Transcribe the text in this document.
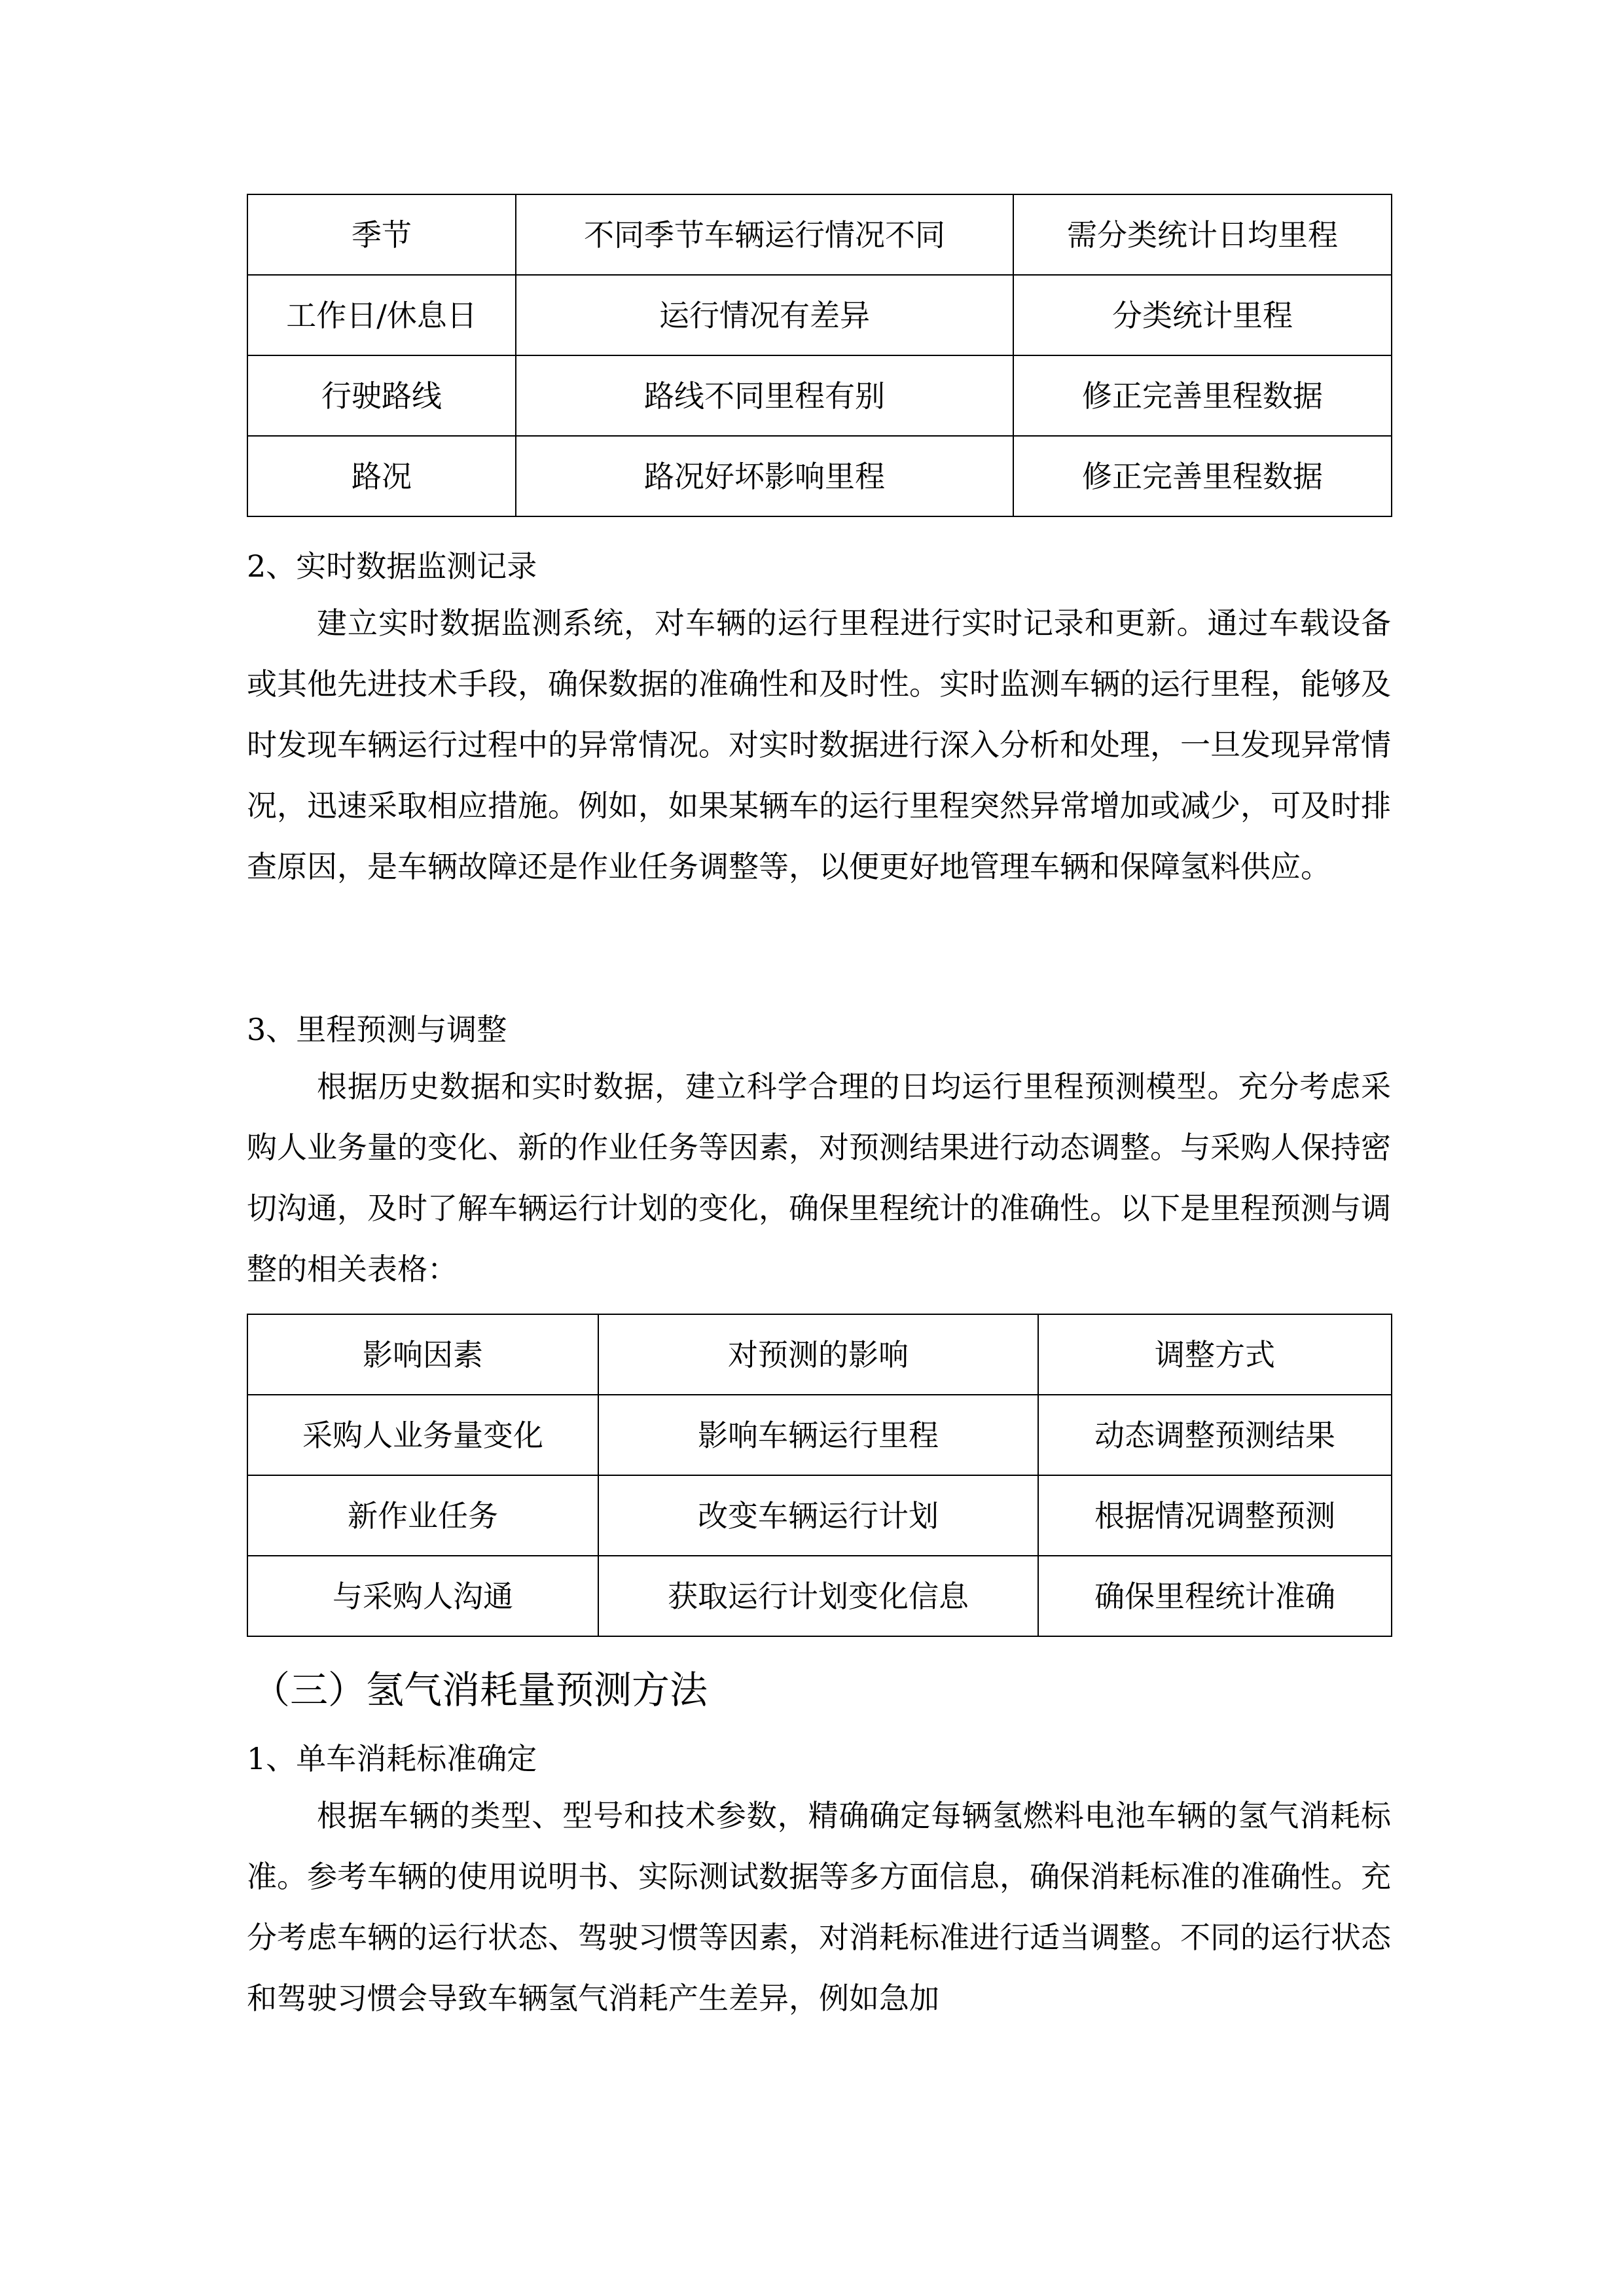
季节	不同季节车辆运行情况不同	需分类统计日均里程
工作日/休息日	运行情况有差异	分类统计里程
行驶路线	路线不同里程有别	修正完善里程数据
路况	路况好坏影响里程	修正完善里程数据
2、实时数据监测记录
建立实时数据监测系统，对车辆的运行里程进行实时记录和更新。通过车载设备或其他先进技术手段，确保数据的准确性和及时性。实时监测车辆的运行里程，能够及时发现车辆运行过程中的异常情况。对实时数据进行深入分析和处理，一旦发现异常情况，迅速采取相应措施。例如，如果某辆车的运行里程突然异常增加或减少，可及时排查原因，是车辆故障还是作业任务调整等，以便更好地管理车辆和保障氢料供应。
3、里程预测与调整
根据历史数据和实时数据，建立科学合理的日均运行里程预测模型。充分考虑采购人业务量的变化、新的作业任务等因素，对预测结果进行动态调整。与采购人保持密切沟通，及时了解车辆运行计划的变化，确保里程统计的准确性。以下是里程预测与调整的相关表格：
影响因素	对预测的影响	调整方式
采购人业务量变化	影响车辆运行里程	动态调整预测结果
新作业任务	改变车辆运行计划	根据情况调整预测
与采购人沟通	获取运行计划变化信息	确保里程统计准确
（三）氢气消耗量预测方法
1、单车消耗标准确定
根据车辆的类型、型号和技术参数，精确确定每辆氢燃料电池车辆的氢气消耗标准。参考车辆的使用说明书、实际测试数据等多方面信息，确保消耗标准的准确性。充分考虑车辆的运行状态、驾驶习惯等因素，对消耗标准进行适当调整。不同的运行状态和驾驶习惯会导致车辆氢气消耗产生差异，例如急加
